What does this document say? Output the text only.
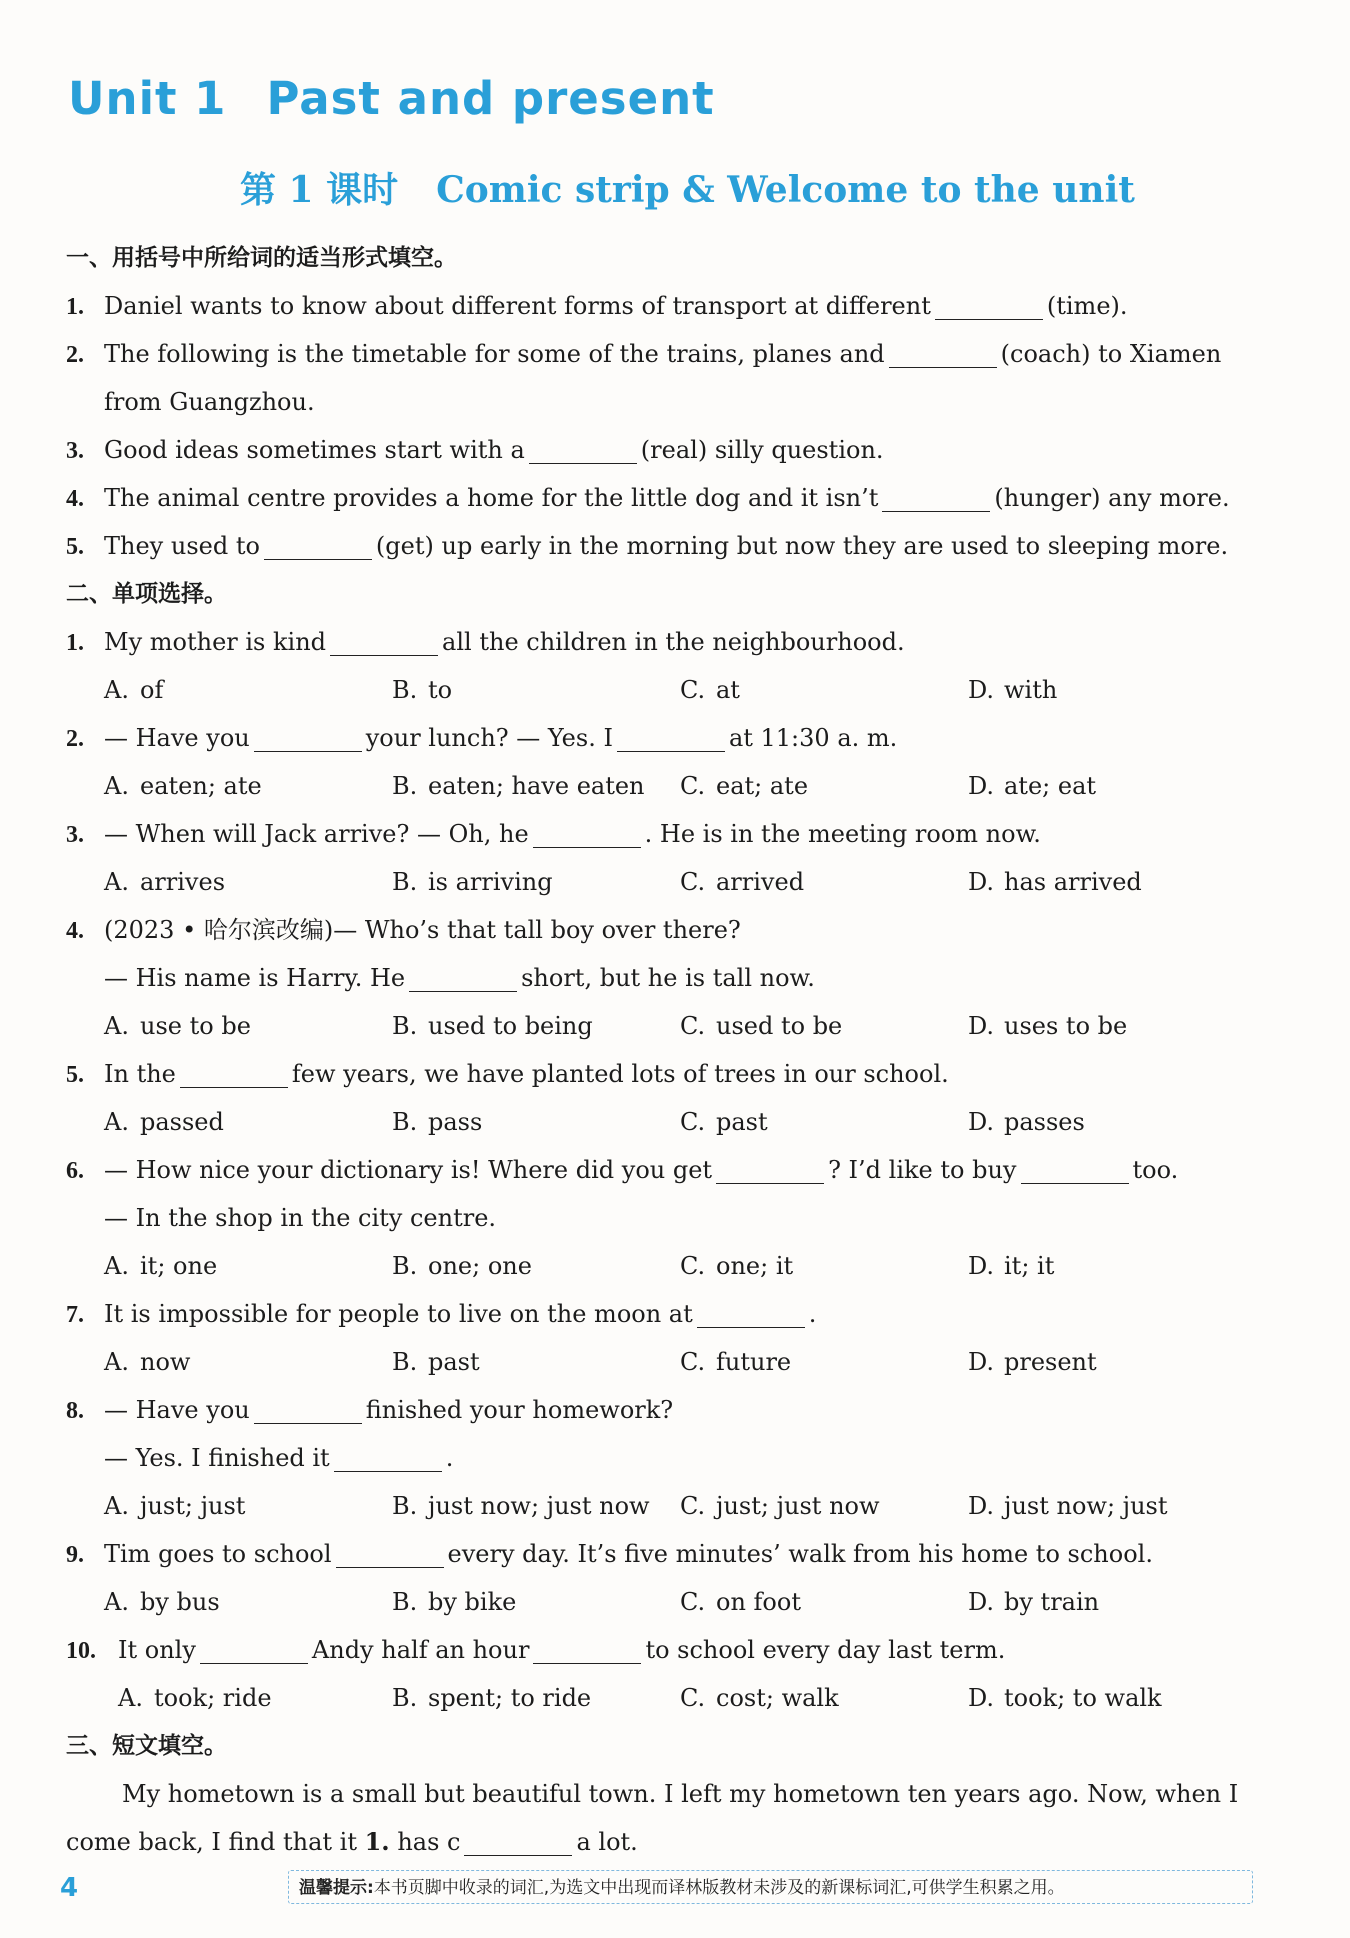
Unit 1 Past and present
第 1 课时 Comic strip & Welcome to the unit
一、用括号中所给词的适当形式填空。
1. Daniel wants to know about different forms of transport at different	(time).
2. The following is the timetable for some of the trains, planes and	(coach) to Xiamen
from Guangzhou.
3. Good ideas sometimes start with a	(real) silly question.
4. The animal centre provides a home for the little dog and it isn’t	(hunger) any more.
5. They used to	(get) up early in the morning but now they are used to sleeping more.
二、单项选择。
1. My mother is kind	all the children in the neighbourhood.
A. of	B. to	C. at	D. with
2. — Have you	your lunch? — Yes. I	at 11:30 a. m.
A. eaten; ate	B. eaten; have eaten C. eat; ate	D. ate; eat
3. — When will Jack arrive? — Oh, he	. He is in the meeting room now.
A. arrives	B. is arriving	C. arrived	D. has arrived
4. (2023 • 哈尔滨改编)— Who’s that tall boy over there?
— His name is Harry. He	short, but he is tall now.
A. use to be	B. used to being	C. used to be	D. uses to be
5. In the	few years, we have planted lots of trees in our school.
A. passed	B. pass	C. past	D. passes
6. — How nice your dictionary is! Where did you get	? I’d like to buy	too.
— In the shop in the city centre.
A. it; one	B. one; one	C. one; it	D. it; it
7. It is impossible for people to live on the moon at	.
A. now	B. past	C. future	D. present
8. — Have you	finished your homework?
— Yes. I finished it	.
A. just; just	B. just now; just now C. just; just now	D. just now; just
9. Tim goes to school	every day. It’s five minutes’ walk from his home to school.
A. by bus	B. by bike	C. on foot	D. by train
10. It only	Andy half an hour	to school every day last term.
A. took; ride	B. spent; to ride	C. cost; walk	D. took; to walk
三、短文填空。
My hometown is a small but beautiful town. I left my hometown ten years ago. Now, when I
come back, I find that it 1. has c	a lot.
4	温馨提示:本书页脚中收录的词汇,为选文中出现而译林版教材未涉及的新课标词汇,可供学生积累之用。
